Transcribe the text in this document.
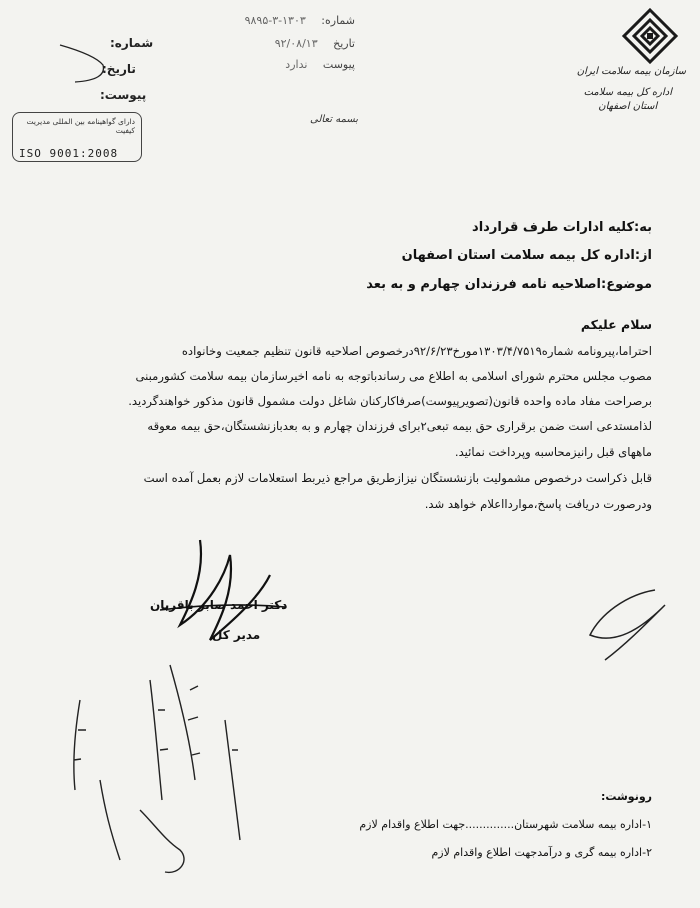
سازمان بیمه سلامت ایران
اداره کل بیمه سلامت
استان اصفهان
شماره: ۱۳۰۳-۳-۹۸۹۵
تاریخ ۹۲/۰۸/۱۳
پیوست ندارد
شماره:
تاریخ:
پیوست:
دارای گواهینامه بین المللی مدیریت کیفیت
ISO 9001:2008
بسمه تعالی
به:کلیه ادارات طرف قرارداد
از:اداره کل بیمه سلامت استان اصفهان
موضوع:اصلاحیه نامه فرزندان چهارم و به بعد
سلام علیکم
احتراما،پیرونامه شماره۱۳۰۳/۴/۷۵۱۹مورخ۹۲/۶/۲۳درخصوص اصلاحیه قانون تنظیم جمعیت وخانواده
مصوب مجلس محترم شورای اسلامی به اطلاع می رساندباتوجه به نامه اخیرسازمان بیمه سلامت کشورمبنی
برصراحت مفاد ماده واحده قانون(تصویرپیوست)صرفاکارکنان شاغل دولت مشمول قانون مذکور خواهندگردید.
لذامستدعی است ضمن برقراری حق بیمه تبعی۲برای فرزندان چهارم و به بعدبازنشستگان،حق بیمه معوقه
ماههای قبل رانیزمحاسبه وپرداخت نمائید.
قابل ذکراست درخصوص مشمولیت بازنشستگان نیزازطریق مراجع ذیربط استعلامات لازم بعمل آمده است
ودرصورت دریافت پاسخ،مواردااعلام خواهد شد.
دکتر احمد صابر باقریان
مدیر کل
رونوشت:
۱-اداره بیمه سلامت شهرستان..............جهت اطلاع واقدام لازم
۲-اداره بیمه گری و درآمدجهت اطلاع واقدام لازم
